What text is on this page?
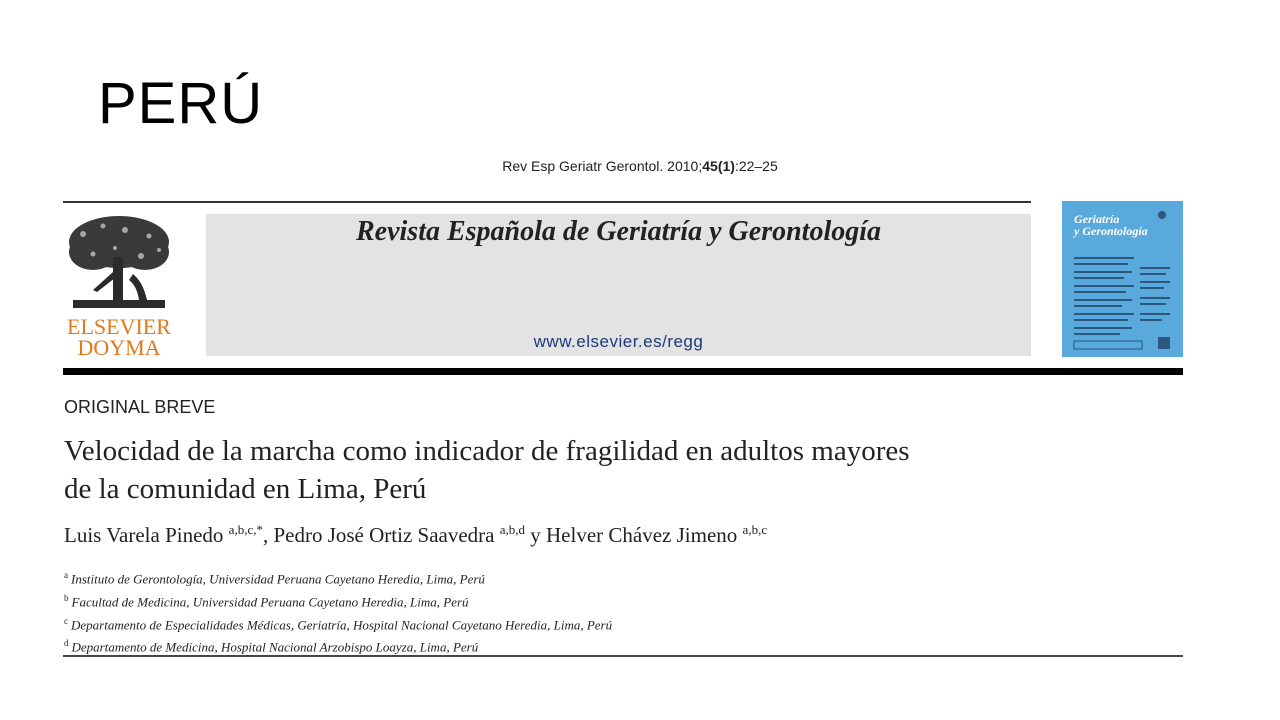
PERÚ
Rev Esp Geriatr Gerontol. 2010;45(1):22–25
ELSEVIER
DOYMA
Revista Española de Geriatría y Gerontología
www.elsevier.es/regg
Geriatría
y Gerontología
ORIGINAL BREVE
Velocidad de la marcha como indicador de fragilidad en adultos mayores
de la comunidad en Lima, Perú
Luis Varela Pinedo $^{a,b,c,*}$, Pedro José Ortiz Saavedra $^{a,b,d}$ y Helver Chávez Jimeno $^{a,b,c}$
$^a$ Instituto de Gerontología, Universidad Peruana Cayetano Heredia, Lima, Perú
$^b$ Facultad de Medicina, Universidad Peruana Cayetano Heredia, Lima, Perú
$^c$ Departamento de Especialidades Médicas, Geriatría, Hospital Nacional Cayetano Heredia, Lima, Perú
$^d$ Departamento de Medicina, Hospital Nacional Arzobispo Loayza, Lima, Perú
